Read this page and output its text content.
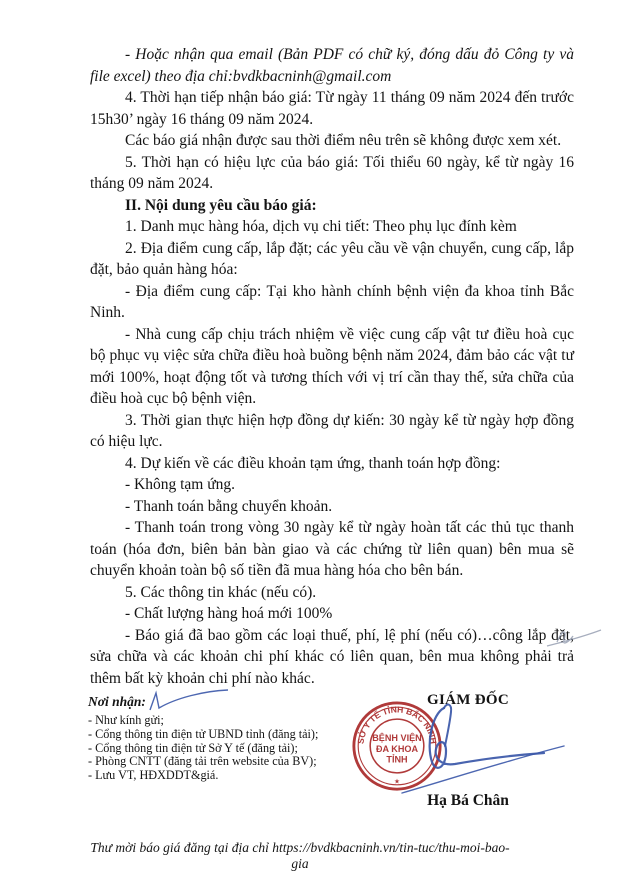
- Hoặc nhận qua email (Bản PDF có chữ ký, đóng dấu đỏ Công ty và file excel) theo địa chỉ:bvdkbacninh@gmail.com

4. Thời hạn tiếp nhận báo giá: Từ ngày 11 tháng 09 năm 2024 đến trước 15h30’ ngày 16 tháng 09 năm 2024.

Các báo giá nhận được sau thời điểm nêu trên sẽ không được xem xét.

5. Thời hạn có hiệu lực của báo giá: Tối thiểu 60 ngày, kể từ ngày 16 tháng 09 năm 2024.

II. Nội dung yêu cầu báo giá:

1. Danh mục hàng hóa, dịch vụ chi tiết: Theo phụ lục đính kèm

2. Địa điểm cung cấp, lắp đặt; các yêu cầu về vận chuyển, cung cấp, lắp đặt, bảo quản hàng hóa:

- Địa điểm cung cấp: Tại kho hành chính bệnh viện đa khoa tỉnh Bắc Ninh.

- Nhà cung cấp chịu trách nhiệm về việc cung cấp vật tư điều hoà cục bộ phục vụ việc sửa chữa điều hoà buồng bệnh năm 2024, đảm bảo các vật tư mới 100%, hoạt động tốt và tương thích với vị trí cần thay thế, sửa chữa của điều hoà cục bộ bệnh viện.

3. Thời gian thực hiện hợp đồng dự kiến: 30 ngày kể từ ngày hợp đồng có hiệu lực.

4. Dự kiến về các điều khoản tạm ứng, thanh toán hợp đồng:

- Không tạm ứng.

- Thanh toán bằng chuyển khoản.

- Thanh toán trong vòng 30 ngày kể từ ngày hoàn tất các thủ tục thanh toán (hóa đơn, biên bản bàn giao và các chứng từ liên quan) bên mua sẽ chuyển khoản toàn bộ số tiền đã mua hàng hóa cho bên bán.

5. Các thông tin khác (nếu có).

- Chất lượng hàng hoá mới 100%

- Báo giá đã bao gồm các loại thuế, phí, lệ phí (nếu có)…công lắp đặt, sửa chữa và các khoản chi phí khác có liên quan, bên mua không phải trả thêm bất kỳ khoản chi phí nào khác.

Nơi nhận:

- Như kính gửi;
- Cổng thông tin điện tử UBND tỉnh (đăng tải);
- Cổng thông tin điện tử Sở Y tế (đăng tải);
- Phòng CNTT (đăng tải trên website của BV);
- Lưu VT, HĐXDDT&giá.
GIÁM ĐỐC
SỞ Y TẾ TỈNH BẮC NINH
BỆNH VIỆN
ĐA KHOA
TỈNH
★
Hạ Bá Chân
Thư mời báo giá đăng tại địa chỉ https://bvdkbacninh.vn/tin-tuc/thu-moi-bao-gia
